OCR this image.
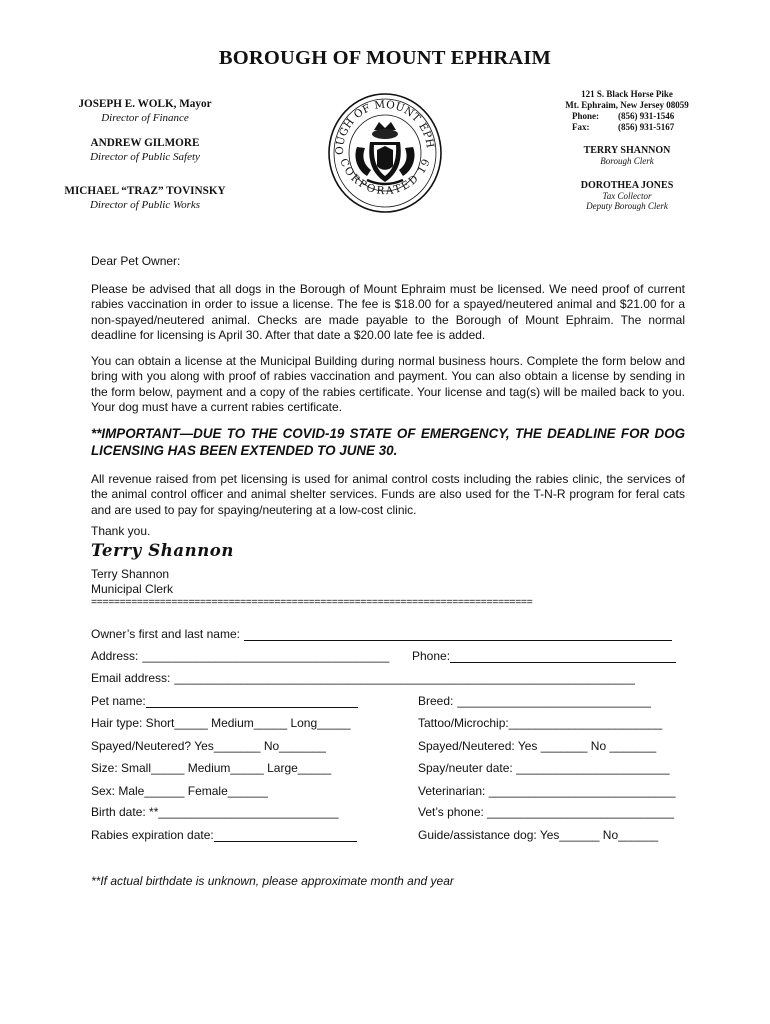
BOROUGH OF MOUNT EPHRAIM
JOSEPH E. WOLK, Mayor
Director of Finance
ANDREW GILMORE
Director of Public Safety
MICHAEL “TRAZ” TOVINSKY
Director of Public Works
OUGH OF MOUNT EPH
CORPORATED 19
121 S. Black Horse Pike
Mt. Ephraim, New Jersey 08059
Phone:	(856) 931-1546
Fax:	(856) 931-5167
TERRY SHANNON
Borough Clerk
DOROTHEA JONES
Tax Collector
Deputy Borough Clerk
Dear Pet Owner:
Please be advised that all dogs in the Borough of Mount Ephraim must be licensed. We need proof of current rabies vaccination in order to issue a license. The fee is $18.00 for a spayed/neutered animal and $21.00 for a non-spayed/neutered animal. Checks are made payable to the Borough of Mount Ephraim. The normal deadline for licensing is April 30. After that date a $20.00 late fee is added.
You can obtain a license at the Municipal Building during normal business hours. Complete the form below and bring with you along with proof of rabies vaccination and payment. You can also obtain a license by sending in the form below, payment and a copy of the rabies certificate. Your license and tag(s) will be mailed back to you. Your dog must have a current rabies certificate.
**IMPORTANT—DUE TO THE COVID-19 STATE OF EMERGENCY, THE DEADLINE FOR DOG LICENSING HAS BEEN EXTENDED TO JUNE 30.
All revenue raised from pet licensing is used for animal control costs including the rabies clinic, the services of the animal control officer and animal shelter services. Funds are also used for the T-N-R program for feral cats and are used to pay for spaying/neutering at a low-cost clinic.
Thank you.
Terry Shannon
Terry Shannon
Municipal Clerk
=============================================================================
Owner’s first and last name:
Address: _____________________________________ Phone:
Email address: _____________________________________________________________________
Pet name:	Breed: _____________________________
Hair type: Short_____ Medium_____ Long_____	Tattoo/Microchip: _______________________
Spayed/Neutered? Yes_______ No_______	Spayed/Neutered: Yes _______ No _______
Size: Small_____ Medium_____ Large_____	Spay/neuter date: _______________________
Sex: Male______ Female______	Veterinarian: ____________________________
Birth date: **___________________________	Vet’s phone: ____________________________
Rabies expiration date:	Guide/assistance dog: Yes______ No______
**If actual birthdate is unknown, please approximate month and year
